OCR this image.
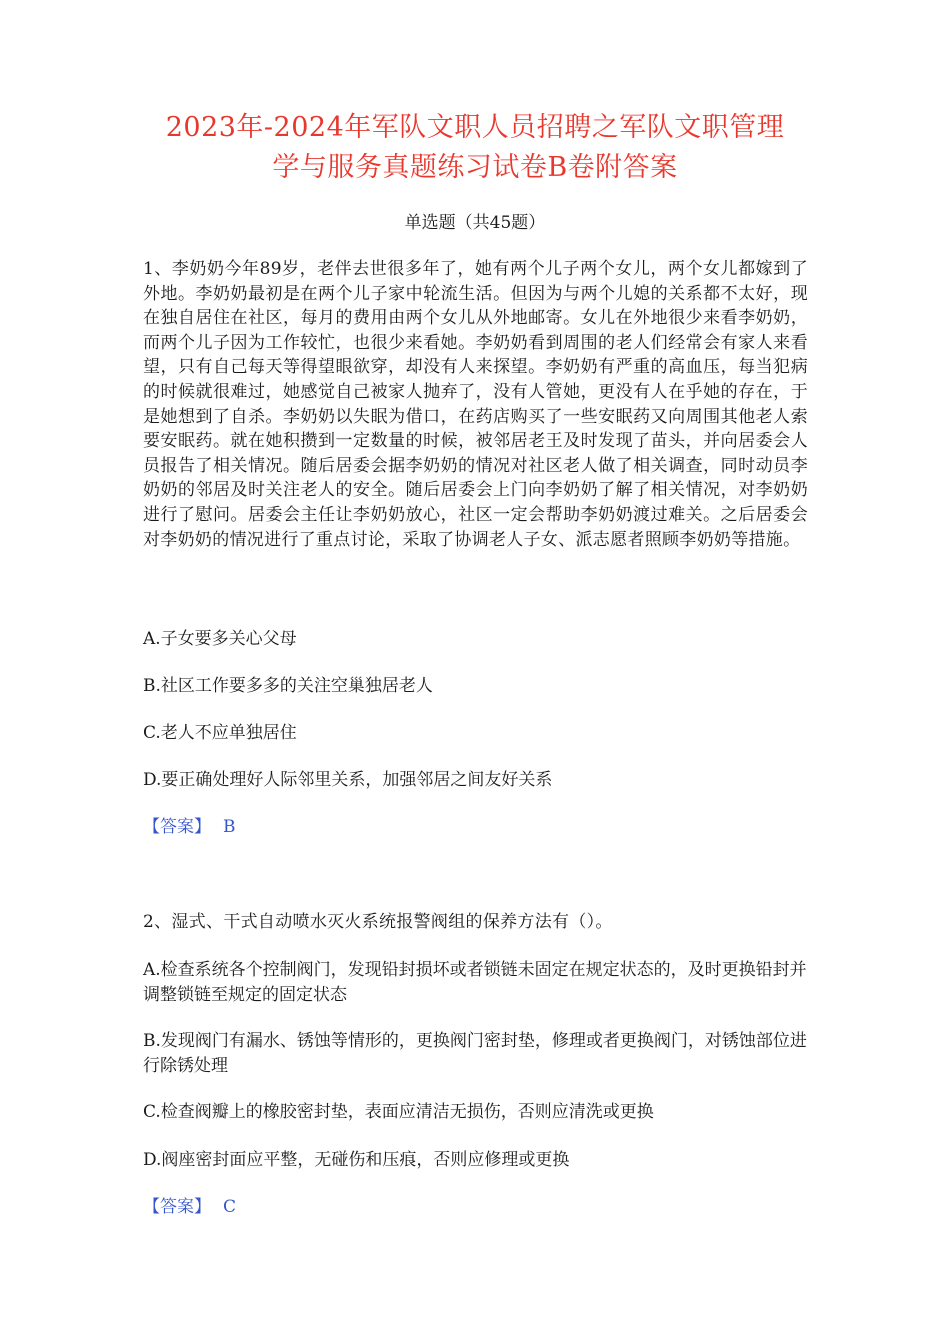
2023年-2024年军队文职人员招聘之军队文职管理
学与服务真题练习试卷B卷附答案

单选题（共45题）

1、李奶奶今年89岁，老伴去世很多年了，她有两个儿子两个女儿，两个女儿都嫁到了外地。李奶奶最初是在两个儿子家中轮流生活。但因为与两个儿媳的关系都不太好，现在独自居住在社区，每月的费用由两个女儿从外地邮寄。女儿在外地很少来看李奶奶，而两个儿子因为工作较忙，也很少来看她。李奶奶看到周围的老人们经常会有家人来看望，只有自己每天等得望眼欲穿，却没有人来探望。李奶奶有严重的高血压，每当犯病的时候就很难过，她感觉自己被家人抛弃了，没有人管她，更没有人在乎她的存在，于是她想到了自杀。李奶奶以失眠为借口，在药店购买了一些安眠药又向周围其他老人索要安眠药。就在她积攒到一定数量的时候，被邻居老王及时发现了苗头，并向居委会人员报告了相关情况。随后居委会据李奶奶的情况对社区老人做了相关调查，同时动员李奶奶的邻居及时关注老人的安全。随后居委会上门向李奶奶了解了相关情况，对李奶奶进行了慰问。居委会主任让李奶奶放心，社区一定会帮助李奶奶渡过难关。之后居委会对李奶奶的情况进行了重点讨论，采取了协调老人子女、派志愿者照顾李奶奶等措施。

A.子女要多关心父母

B.社区工作要多多的关注空巢独居老人

C.老人不应单独居住

D.要正确处理好人际邻里关系，加强邻居之间友好关系

【答案】 B

2、湿式、干式自动喷水灭火系统报警阀组的保养方法有（）。

A.检查系统各个控制阀门，发现铅封损坏或者锁链未固定在规定状态的，及时更换铅封并调整锁链至规定的固定状态

B.发现阀门有漏水、锈蚀等情形的，更换阀门密封垫，修理或者更换阀门，对锈蚀部位进行除锈处理

C.检查阀瓣上的橡胶密封垫，表面应清洁无损伤，否则应清洗或更换

D.阀座密封面应平整，无碰伤和压痕，否则应修理或更换

【答案】 C
